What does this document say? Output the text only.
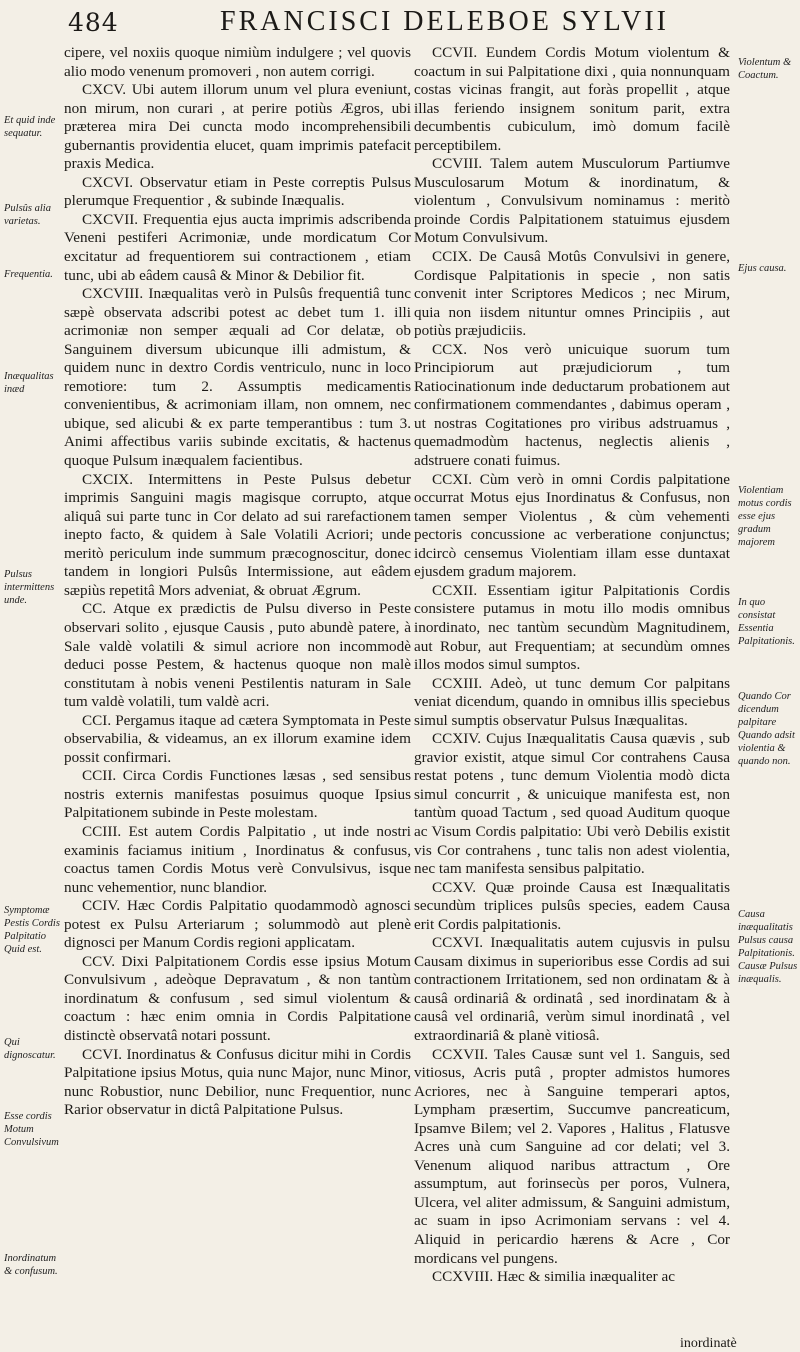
484	FRANCISCI DELEBOE SYLVII
Et quid inde sequatur.
Pulsûs alia varietas.
Frequentia.
Inæqualitas inæd
Pulsus intermittens unde.
Symptomæ Pestis Cordis Palpitatio Quid est.
Qui dignoscatur.
Esse cordis Motum Convulsivum
Inordinatum & confusum.
Violentum & Coactum.
Ejus causa.
Violentiam motus cordis esse ejus gradum majorem
In quo consistat Essentia Palpitationis.
Quando Cor dicendum palpitare Quando adsit violentia & quando non.
Causa inæqualitatis Pulsus causa Palpitationis. Causæ Pulsus inæqualis.

cipere, vel noxiis quoque nimiùm indulgere ; vel quovis alio modo venenum promoveri , non autem corrigi.

CXCV. Ubi autem illorum unum vel plura eveniunt, non mirum, non curari , at perire potiùs Ægros, ubi præterea mira Dei cuncta modo incomprehensibili gubernantis providentia elucet, quam imprimis patefacit praxis Medica.

CXCVI. Observatur etiam in Peste correptis Pulsus plerumque Frequentior , & subinde Inæqualis.

CXCVII. Frequentia ejus aucta imprimis adscribenda Veneni pestiferi Acrimoniæ, unde mordicatum Cor excitatur ad frequentiorem sui contractionem , etiam tunc, ubi ab eâdem causâ & Minor & Debilior fit.

CXCVIII. Inæqualitas verò in Pulsûs frequentiâ tunc sæpè observata adscribi potest ac debet tum 1. illi acrimoniæ non semper æquali ad Cor delatæ, ob Sanguinem diversum ubicunque illi admistum, & quidem nunc in dextro Cordis ventriculo, nunc in loco remotiore: tum 2. Assumptis medicamentis convenientibus, & acrimoniam illam, non omnem, nec ubique, sed alicubi & ex parte temperantibus : tum 3. Animi affectibus variis subinde excitatis, & hactenus quoque Pulsum inæqualem facientibus.

CXCIX. Intermittens in Peste Pulsus debetur imprimis Sanguini magis magisque corrupto, atque aliquâ sui parte tunc in Cor delato ad sui rarefactionem inepto facto, & quidem à Sale Volatili Acriori; unde meritò periculum inde summum præcognoscitur, donec tandem in longiori Pulsûs Intermissione, aut eâdem sæpiùs repetitâ Mors adveniat, & obruat Ægrum.

CC. Atque ex prædictis de Pulsu diverso in Peste observari solito , ejusque Causis , puto abundè patere, à Sale valdè volatili & simul acriore non incommodè deduci posse Pestem, & hactenus quoque non malè constitutam à nobis veneni Pestilentis naturam in Sale tum valdè volatili, tum valdè acri.

CCI. Pergamus itaque ad cætera Symptomata in Peste observabilia, & videamus, an ex illorum examine idem possit confirmari.

CCII. Circa Cordis Functiones læsas , sed sensibus nostris externis manifestas posuimus quoque Ipsius Palpitationem subinde in Peste molestam.

CCIII. Est autem Cordis Palpitatio , ut inde nostri examinis faciamus initium , Inordinatus & confusus, coactus tamen Cordis Motus verè Convulsivus, isque nunc vehementior, nunc blandior.

CCIV. Hæc Cordis Palpitatio quodammodò agnosci potest ex Pulsu Arteriarum ; solummodò aut plenè dignosci per Manum Cordis regioni applicatam.

CCV. Dixi Palpitationem Cordis esse ipsius Motum Convulsivum , adeòque Depravatum , & non tantùm inordinatum & confusum , sed simul violentum & coactum : hæc enim omnia in Cordis Palpitatione distinctè observatâ notari possunt.

CCVI. Inordinatus & Confusus dicitur mihi in Cordis Palpitatione ipsius Motus, quia nunc Major, nunc Minor, nunc Robustior, nunc Debilior, nunc Frequentior, nunc Rarior observatur in dictâ Palpitatione Pulsus.

CCVII. Eundem Cordis Motum violentum & coactum in sui Palpitatione dixi , quia nonnunquam costas vicinas frangit, aut foràs propellit , atque illas feriendo insignem sonitum parit, extra decumbentis cubiculum, imò domum facilè perceptibilem.

CCVIII. Talem autem Musculorum Partiumve Musculosarum Motum & inordinatum, & violentum , Convulsivum nominamus : meritò proinde Cordis Palpitationem statuimus ejusdem Motum Convulsivum.

CCIX. De Causâ Motûs Convulsivi in genere, Cordisque Palpitationis in specie , non satis convenit inter Scriptores Medicos ; nec Mirum, quia non iisdem nituntur omnes Principiis , aut potiùs præjudiciis.

CCX. Nos verò unicuique suorum tum Principiorum aut præjudiciorum , tum Ratiocinationum inde deductarum probationem aut confirmationem commendantes , dabimus operam , ut nostras Cogitationes pro viribus adstruamus , quemadmodùm hactenus, neglectis alienis , adstruere conati fuimus.

CCXI. Cùm verò in omni Cordis palpitatione occurrat Motus ejus Inordinatus & Confusus, non tamen semper Violentus , & cùm vehementi pectoris concussione ac verberatione conjunctus; idcircò censemus Violentiam illam esse duntaxat ejusdem gradum majorem.

CCXII. Essentiam igitur Palpitationis Cordis consistere putamus in motu illo modis omnibus inordinato, nec tantùm secundùm Magnitudinem, aut Robur, aut Frequentiam; at secundùm omnes illos modos simul sumptos.

CCXIII. Adeò, ut tunc demum Cor palpitans veniat dicendum, quando in omnibus illis speciebus simul sumptis observatur Pulsus Inæqualitas.

CCXIV. Cujus Inæqualitatis Causa quævis , sub gravior existit, atque simul Cor contrahens Causa restat potens , tunc demum Violentia modò dicta simul concurrit , & unicuique manifesta est, non tantùm quoad Tactum , sed quoad Auditum quoque ac Visum Cordis palpitatio: Ubi verò Debilis existit vis Cor contrahens , tunc talis non adest violentia, nec tam manifesta sensibus palpitatio.

CCXV. Quæ proinde Causa est Inæqualitatis secundùm triplices pulsûs species, eadem Causa erit Cordis palpitationis.

CCXVI. Inæqualitatis autem cujusvis in pulsu Causam diximus in superioribus esse Cordis ad sui contractionem Irritationem, sed non ordinatam & à causâ ordinariâ & ordinatâ , sed inordinatam & à causâ vel ordinariâ, verùm simul inordinatâ , vel extraordinariâ & planè vitiosâ.

CCXVII. Tales Causæ sunt vel 1. Sanguis, sed vitiosus, Acris putâ , propter admistos humores Acriores, nec à Sanguine temperari aptos, Lympham præsertim, Succumve pancreaticum, Ipsamve Bilem; vel 2. Vapores , Halitus , Flatusve Acres unà cum Sanguine ad cor delati; vel 3. Venenum aliquod naribus attractum , Ore assumptum, aut forinsecùs per poros, Vulnera, Ulcera, vel aliter admissum, & Sanguini admistum, ac suam in ipso Acrimoniam servans : vel 4. Aliquid in pericardio hærens & Acre , Cor mordicans vel pungens.

CCXVIII. Hæc & similia inæqualiter ac

inordinatè
